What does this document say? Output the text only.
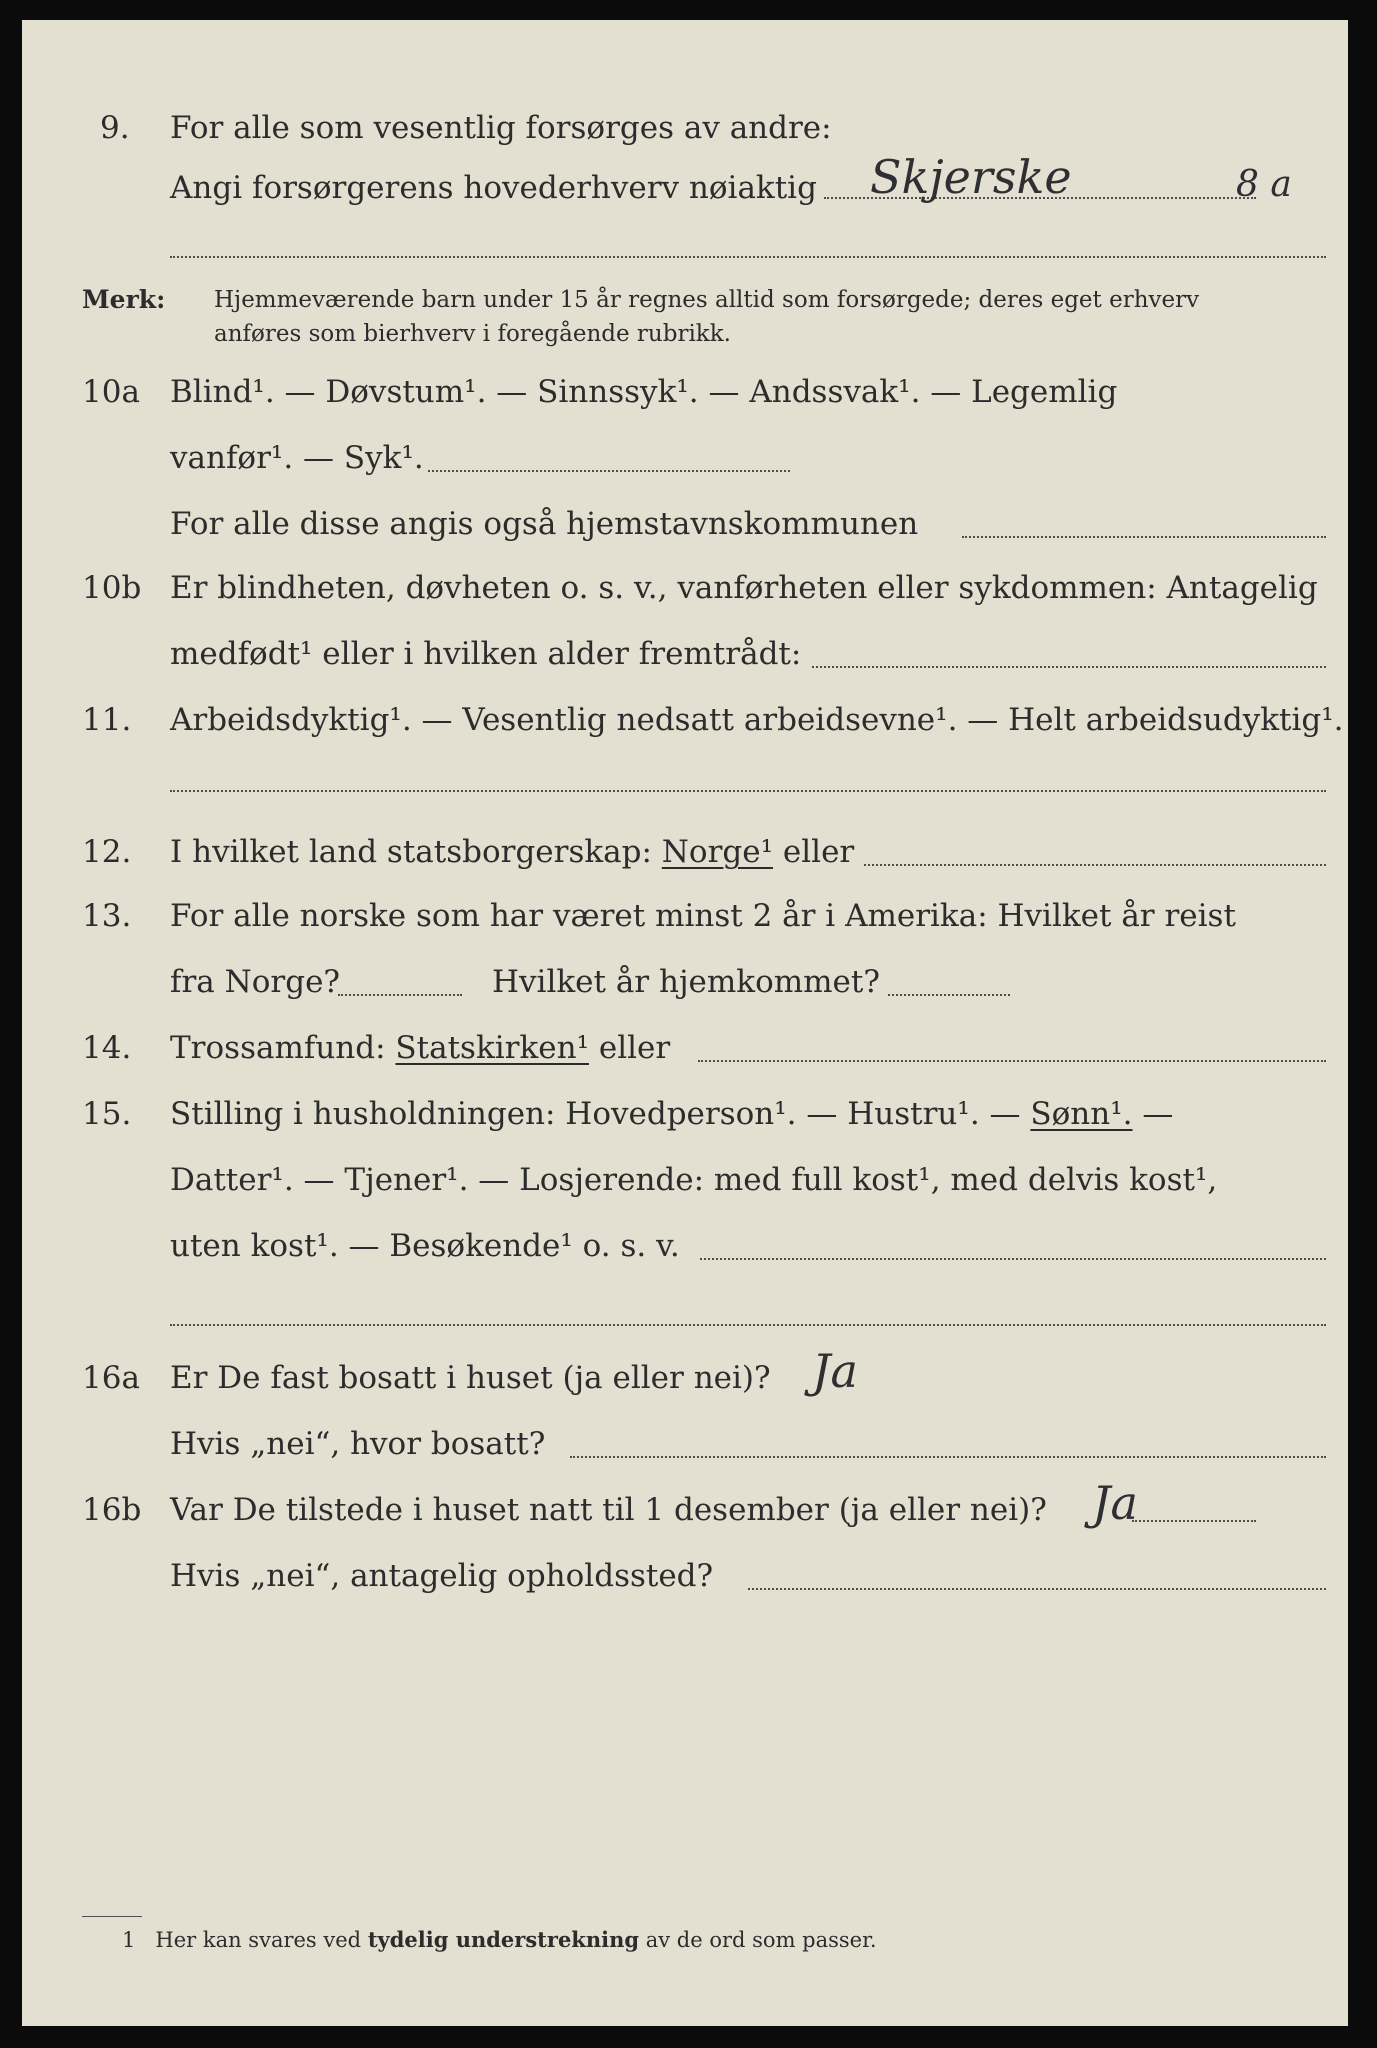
9. For alle som vesentlig forsørges av andre:
Angi forsørgerens hovederhverv nøiaktig Skjerske	8 a
Merk: Hjemmeværende barn under 15 år regnes alltid som forsørgede; deres eget erhverv
anføres som bierhverv i foregående rubrikk.
10a Blind¹. — Døvstum¹. — Sinnssyk¹. — Andssvak¹. — Legemlig
vanfør¹. — Syk¹.
For alle disse angis også hjemstavnskommunen
10b Er blindheten, døvheten o. s. v., vanførheten eller sykdommen: Antagelig
medfødt¹ eller i hvilken alder fremtrådt:
11. Arbeidsdyktig¹. — Vesentlig nedsatt arbeidsevne¹. — Helt arbeidsudyktig¹.
12. I hvilket land statsborgerskap: Norge¹ eller
13. For alle norske som har været minst 2 år i Amerika: Hvilket år reist
fra Norge?	Hvilket år hjemkommet?
14. Trossamfund: Statskirken¹ eller
15. Stilling i husholdningen: Hovedperson¹. — Hustru¹. — Sønn¹. —
Datter¹. — Tjener¹. — Losjerende: med full kost¹, med delvis kost¹,
uten kost¹. — Besøkende¹ o. s. v.
16a Er De fast bosatt i huset (ja eller nei)? Ja
Hvis „nei“, hvor bosatt?
16b Var De tilstede i huset natt til 1 desember (ja eller nei)? Ja
Hvis „nei“, antagelig opholdssted?
1 Her kan svares ved tydelig understrekning av de ord som passer.
